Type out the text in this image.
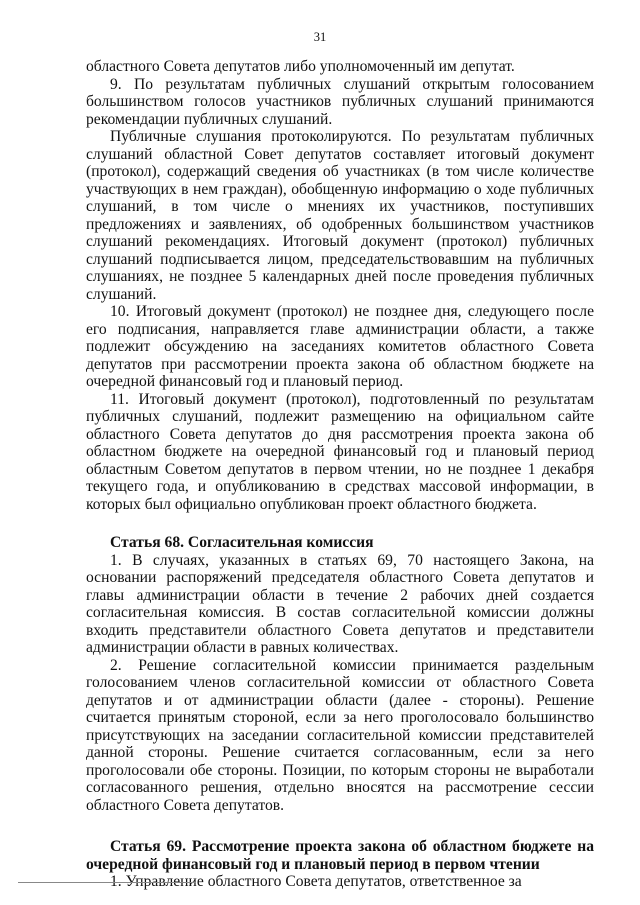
31

областного Совета депутатов либо уполномоченный им депутат.

9. По результатам публичных слушаний открытым голосованием большинством голосов участников публичных слушаний принимаются рекомендации публичных слушаний.

Публичные слушания протоколируются. По результатам публичных слушаний областной Совет депутатов составляет итоговый документ (протокол), содержащий сведения об участниках (в том числе количестве участвующих в нем граждан), обобщенную информацию о ходе публичных слушаний, в том числе о мнениях их участников, поступивших предложениях и заявлениях, об одобренных большинством участников слушаний рекомендациях. Итоговый документ (протокол) публичных слушаний подписывается лицом, председательствовавшим на публичных слушаниях, не позднее 5 календарных дней после проведения публичных слушаний.

10. Итоговый документ (протокол) не позднее дня, следующего после его подписания, направляется главе администрации области, а также подлежит обсуждению на заседаниях комитетов областного Совета депутатов при рассмотрении проекта закона об областном бюджете на очередной финансовый год и плановый период.

11. Итоговый документ (протокол), подготовленный по результатам публичных слушаний, подлежит размещению на официальном сайте областного Совета депутатов до дня рассмотрения проекта закона об областном бюджете на очередной финансовый год и плановый период областным Советом депутатов в первом чтении, но не позднее 1 декабря текущего года, и опубликованию в средствах массовой информации, в которых был официально опубликован проект областного бюджета.

Статья 68. Согласительная комиссия

1. В случаях, указанных в статьях 69, 70 настоящего Закона, на основании распоряжений председателя областного Совета депутатов и главы администрации области в течение 2 рабочих дней создается согласительная комиссия. В состав согласительной комиссии должны входить представители областного Совета депутатов и представители администрации области в равных количествах.

2. Решение согласительной комиссии принимается раздельным голосованием членов согласительной комиссии от областного Совета депутатов и от администрации области (далее - стороны). Решение считается принятым стороной, если за него проголосовало большинство присутствующих на заседании согласительной комиссии представителей данной стороны. Решение считается согласованным, если за него проголосовали обе стороны. Позиции, по которым стороны не выработали согласованного решения, отдельно вносятся на рассмотрение сессии областного Совета депутатов.

Статья 69. Рассмотрение проекта закона об областном бюджете на очередной финансовый год и плановый период в первом чтении

1. Управление областного Совета депутатов, ответственное за
